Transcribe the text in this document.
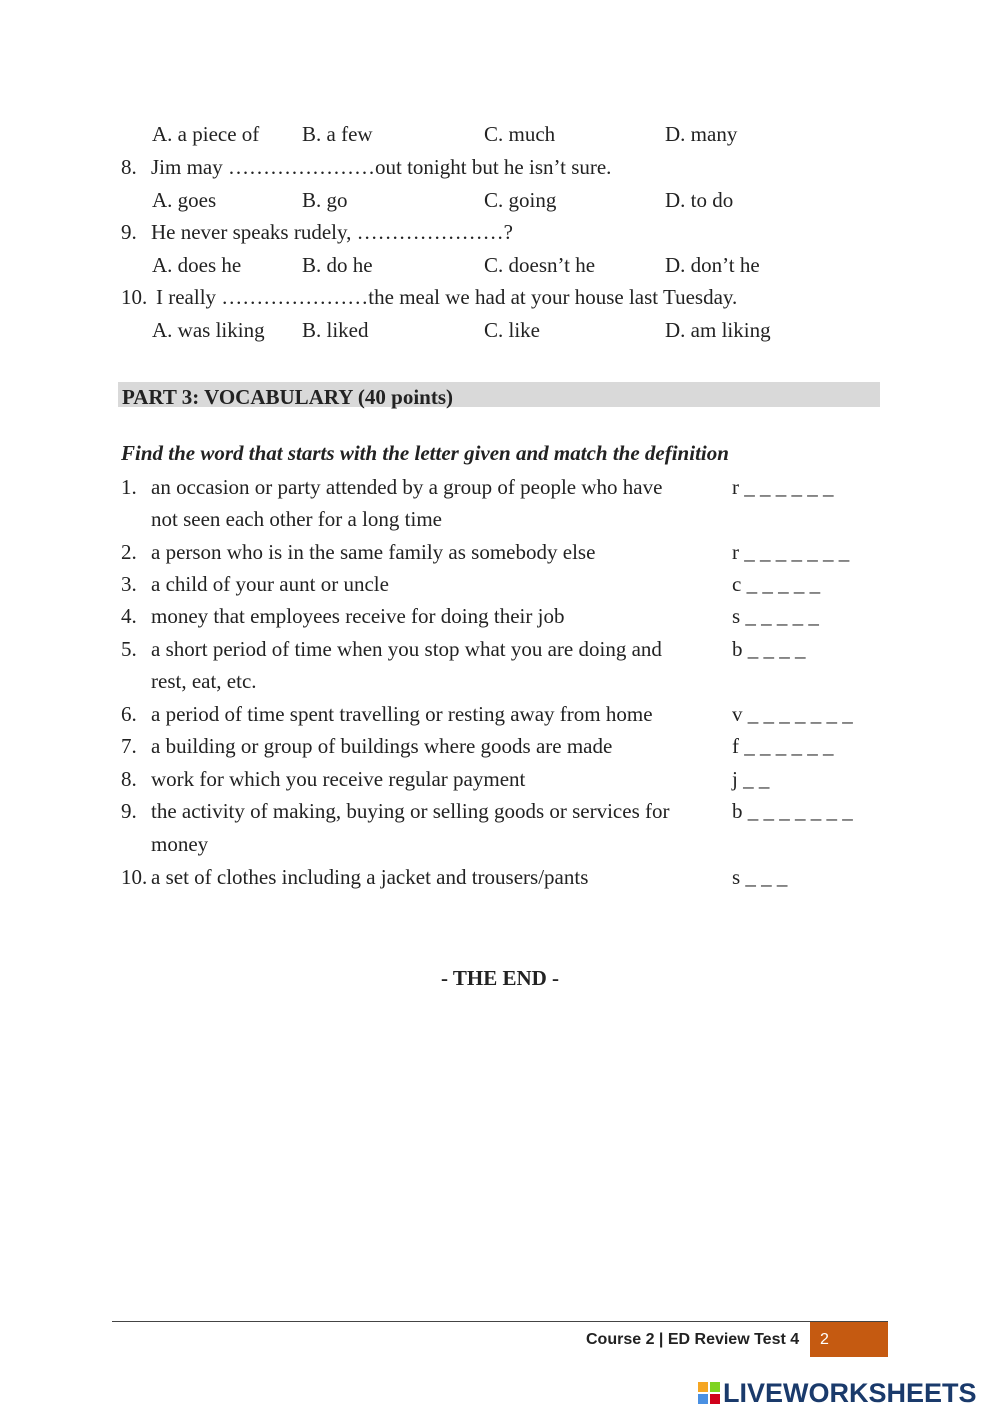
A. a piece of B. a few	C. much	D. many
8. Jim may …………………out tonight but he isn’t sure.
A. goes	B. go	C. going	D. to do
9. He never speaks rudely, …………………?
A. does he	B. do he	C. doesn’t he	D. don’t he
10. I really …………………the meal we had at your house last Tuesday.
A. was liking B. liked	C. like	D. am liking
PART 3: VOCABULARY (40 points)
Find the word that starts with the letter given and match the definition
1. an occasion or party attended by a group of people who have
not seen each other for a long time
r _ _ _ _ _ _
2. a person who is in the same family as somebody else	r _ _ _ _ _ _ _
3. a child of your aunt or uncle	c _ _ _ _ _
4. money that employees receive for doing their job	s _ _ _ _ _
5. a short period of time when you stop what you are doing and
rest, eat, etc.
b _ _ _ _
6. a period of time spent travelling or resting away from home	v _ _ _ _ _ _ _
7. a building or group of buildings where goods are made	f _ _ _ _ _ _
8. work for which you receive regular payment	j _ _
9. the activity of making, buying or selling goods or services for
money
b _ _ _ _ _ _ _
10. a set of clothes including a jacket and trousers/pants	s _ _ _
- THE END -
Course 2 | ED Review Test 4 2
LIVEWORKSHEETS
